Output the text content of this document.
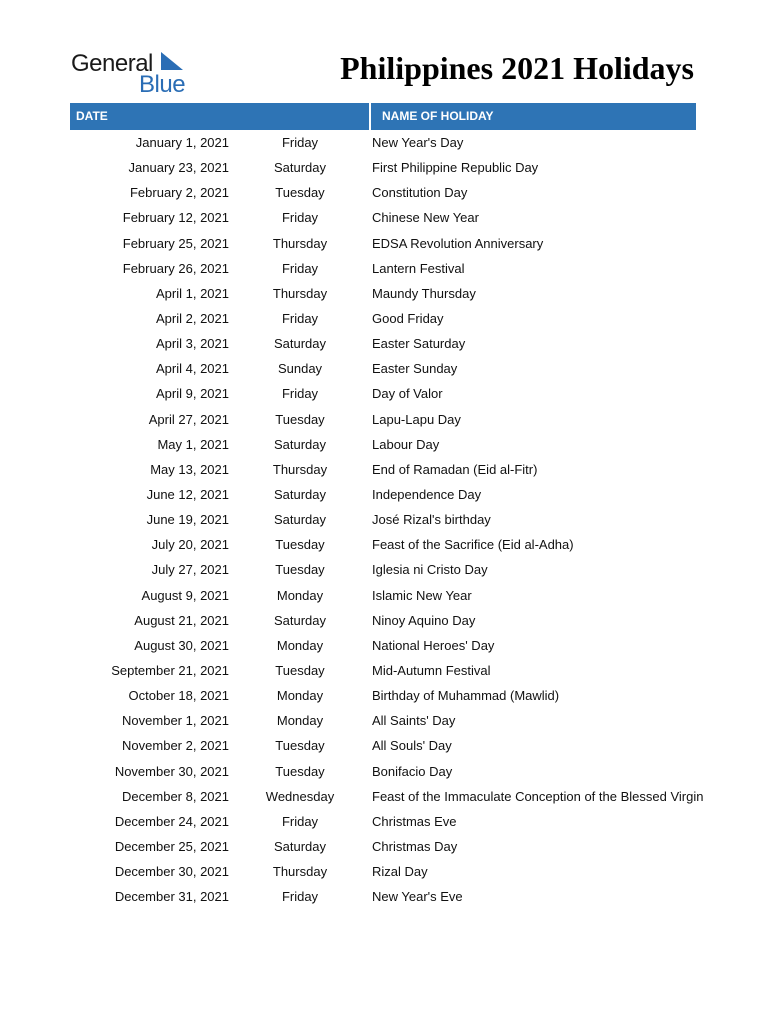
General
Blue	Philippines 2021 Holidays
DATE	NAME OF HOLIDAY
January 1, 2021	Friday	New Year's Day
January 23, 2021	Saturday	First Philippine Republic Day
February 2, 2021	Tuesday	Constitution Day
February 12, 2021	Friday	Chinese New Year
February 25, 2021	Thursday	EDSA Revolution Anniversary
February 26, 2021	Friday	Lantern Festival
April 1, 2021	Thursday	Maundy Thursday
April 2, 2021	Friday	Good Friday
April 3, 2021	Saturday	Easter Saturday
April 4, 2021	Sunday	Easter Sunday
April 9, 2021	Friday	Day of Valor
April 27, 2021	Tuesday	Lapu-Lapu Day
May 1, 2021	Saturday	Labour Day
May 13, 2021	Thursday	End of Ramadan (Eid al-Fitr)
June 12, 2021	Saturday	Independence Day
June 19, 2021	Saturday	José Rizal's birthday
July 20, 2021	Tuesday	Feast of the Sacrifice (Eid al-Adha)
July 27, 2021	Tuesday	Iglesia ni Cristo Day
August 9, 2021	Monday	Islamic New Year
August 21, 2021	Saturday	Ninoy Aquino Day
August 30, 2021	Monday	National Heroes' Day
September 21, 2021	Tuesday	Mid-Autumn Festival
October 18, 2021	Monday	Birthday of Muhammad (Mawlid)
November 1, 2021	Monday	All Saints' Day
November 2, 2021	Tuesday	All Souls' Day
November 30, 2021	Tuesday	Bonifacio Day
December 8, 2021	Wednesday	Feast of the Immaculate Conception of the Blessed Virgin
December 24, 2021	Friday	Christmas Eve
December 25, 2021	Saturday	Christmas Day
December 30, 2021	Thursday	Rizal Day
December 31, 2021	Friday	New Year's Eve
